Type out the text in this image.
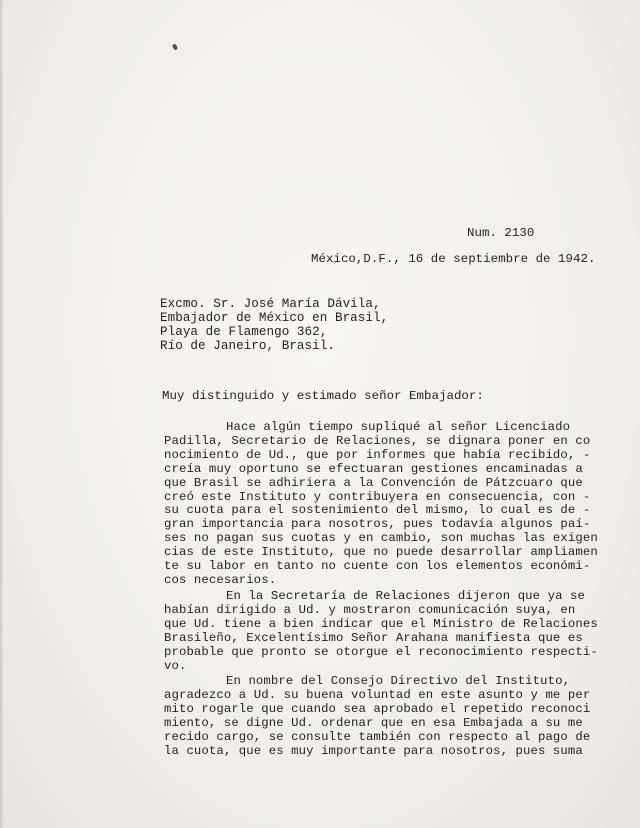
Num. 2130
México,D.F., 16 de septiembre de 1942.
Excmo. Sr. José María Dávila,
Embajador de México en Brasil,
Playa de Flamengo 362,
Río de Janeiro, Brasil.
Muy distinguido y estimado señor Embajador:
Hace algún tiempo supliqué al señor Licenciado
Padilla, Secretario de Relaciones, se dignara poner en co
nocimiento de Ud., que por informes que había recibido, -
creía muy oportuno se efectuaran gestiones encaminadas a
que Brasil se adhiriera a la Convención de Pátzcuaro que
creó este Instituto y contribuyera en consecuencia, con -
su cuota para el sostenimiento del mismo, lo cual es de -
gran importancia para nosotros, pues todavía algunos paí-
ses no pagan sus cuotas y en cambio, son muchas las exigen
cias de este Instituto, que no puede desarrollar ampliamen
te su labor en tanto no cuente con los elementos económi-
cos necesarios.
En la Secretaría de Relaciones dijeron que ya se
habían dirigido a Ud. y mostraron comunicación suya, en
que Ud. tiene a bien indicar que el Ministro de Relaciones
Brasileño, Excelentísimo Señor Arahana manifiesta que es
probable que pronto se otorgue el reconocimiento respecti-
vo.
En nombre del Consejo Directivo del Instituto,
agradezco a Ud. su buena voluntad en este asunto y me per
mito rogarle que cuando sea aprobado el repetido reconoci
miento, se digne Ud. ordenar que en esa Embajada a su me
recido cargo, se consulte también con respecto al pago de
la cuota, que es muy importante para nosotros, pues suma
